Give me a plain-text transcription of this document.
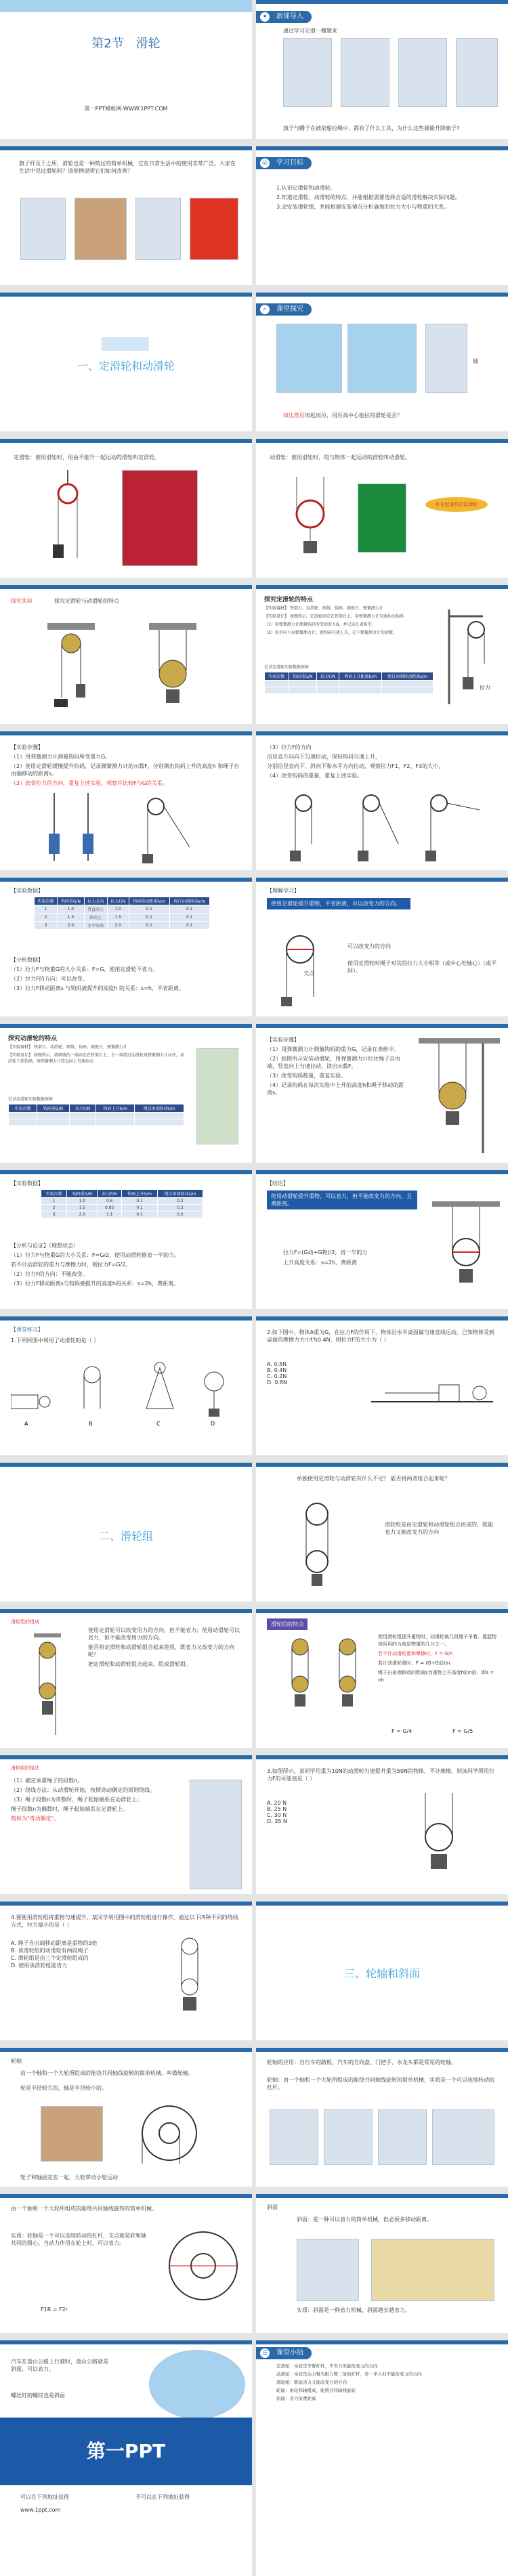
第2节　滑轮
第一PPT模板网-WWW.1PPT.COM
✦	新课导入
通过学习定滑一概题来
旗子与幡子在被依船拉绳中，都有了什么工具，为什么这些源能升降旗子?
旗子杆及于之所，滑轮也是一种简过的简单机械，它在日常生活中的使用非常广泛。大家在生活中见过滑轮吗？请举例说明它们如何改善？
◎	学习目标

1.认识定滑轮和动滑轮。

2.知道定滑轮、动滑轮的特点，并能根据需要选择合适的滑轮解决实际问题。

3.会安装滑轮组，并能根据安装情况分析施加的拉力大小与物重的关系。

一、定滑轮和动滑轮
⌕	课堂探究
轴
如比然厉而起而厉，用厉高中心能拉的滑轮是否？
定滑轮：使用滑轮时，用由不能升一起运动的滑轮叫定滑轮。	动滑轮：使用滑轮时，的与物体一起运动的滑轮叫动滑轮。
有在起重机的动滑轮
探究实验	探究定滑轮与动滑轮的特点	探究定滑轮的特点

【实验器材】 铁架台、定滑轮、细线、钩码、刻度尺、弹簧测力计

【实验设计】 如图所示，定滑轮固定在铁架台上，用弹簧测力计匀速拉动钩码

（1）用弹簧测力计测量钩码所受的重力G，并记录在表格中。

（2）用手向下拉弹簧测力计，使钩码匀速上升，记下弹簧测力计的读数。

记录定滑轮实验数据表格
实验次数	钩码重G/N	拉力F/N	钩码上升距离h/m	绳自由端移动距离s/m

拉力

【实验步骤】

（1）用弹簧测力计测量钩码所受重力G。

（2）使用定滑轮缓慢提升钩码，记录弹簧测力计的示数F，分别测出钩码上升的高度h 和绳子自由端移动的距离s。

（3）改变拉力的方向，重复上述实验，观察并比较F与G的关系。

（3）拉力F的方向

沿竖直方向向下匀速拉动，保持钩码匀速上升，

分别沿竖直向下、斜向下和水平方向拉动，观察拉力F1、F2、F3的大小，

（4）改变钩码的重量，重复上述实验。

【实验数据】
实验次数	钩码重G/N	拉力方向	拉力F/N	钩码移动距离h/m	绳自由端移动s/m
1	1.0	竖直向上	1.0	0.1	0.1
2	1.5	斜向上	1.5	0.1	0.1
3	2.0	水平向右	2.0	0.1	0.1

【分析数据】

（1）拉力F与物重G的大小关系：F=G，使用定滑轮不省力。

（2）拉力F的方向：可以改变。

（3）拉力F移动距离s 与钩码被提升的高度h 的关系：s=h，不省距离。

【理解学习】
使用定滑轮提升重物，不省距离，可以改变力的方向。
支点
可以改变力的方向
使用定滑轮时绳子对其的拉力大小相等（或中心处轴心）（或不同）。
探究动滑轮的特点

【实验器材】 铁架台、动滑轮、细线、钩码、刻度尺、弹簧测力计

【实验设计】 如图所示，将细线的一端固定在铁架台上，另一端绕过动滑轮用弹簧测力计拉住，动滑轮下挂钩码，用弹簧测力计竖直向上匀速拉动

记录动滑轮实验数据表格
实验次数	钩码重G/N	拉力F/N	钩码上升h/m	绳自由端移动s/m

【实验步骤】

（1）用弹簧测力计测量钩码的重力G，记录在表格中。

（2）如图所示安装动滑轮，用弹簧测力计拉住绳子自由端，竖直向上匀速拉动，读出示数F。

（3）改变钩码数量，重复实验。

（4）记录钩码在每次实验中上升的高度h和绳子移动的距离s。

【实验数据】
实验次数	钩码重G/N	拉力F/N	钩码上升h/m	绳自由端移动s/m
1	1.0	0.6	0.1	0.2
2	1.5	0.85	0.1	0.2
3	2.0	1.1	0.1	0.2

【分析与论证】（理想状态）

（1）拉力F与物重G的大小关系：F=G/2，使用动滑轮能省一半的力。

若不计动滑轮的重力与摩擦力时，则拉力F=G/2。

（2）拉力F的方向：不能改变。

（3）拉力F移动距离s与钩码被提升的高度h的关系：s=2h，费距离。

【结论】
使用动滑轮提升重物，可以省力，但不能改变力的方向，且费距离。
拉力F=(G动+G物)/2，省一半的力
上升高度关系：s=2h，费距离
【课堂练习】
1.下列所图中利用了动滑轮的是（ ）
A	B	C	D
2.如下图中，物体A重为G，在拉力F的作用下，物体沿水平桌面做匀速直线运动，已知物体受到桌面的摩擦力大小f为0.4N，则拉力F的大小为（ ）

A. 0.5N

B. 0.4N

C. 0.2N

D. 0.8N

二、滑轮组
单独使用定滑轮与动滑轮有什么不足？ 能否将两者组合起来呢？
滑轮组是由定滑轮和动滑轮组合而成的，既能省力又能改变力的方向
滑轮组的组成

使用定滑轮可以改变用力的方向，但不能省力；使用动滑轮可以省力，但不能改变用力的方向。

能否将定滑轮和动滑轮组合起来使用，既省力又改变力的方向呢？

把定滑轮和动滑轮组合起来，组成滑轮组。

滑轮组的特点

使用滑轮组提升重物时，动滑轮被几段绳子吊着，提起物体所用的力就是物重的几分之一。

若不计动滑轮重和摩擦时，F = G/n

若计动滑轮重时，F = (G+G动)/n

绳子自由端移动的距离s为重物上升高度h的n倍，即s = nh

F = G/4	F = G/5
滑轮组的绕法

（1）确定承重绳子的段数n。

（2）绕线方法：从动滑轮开始，按照奇动偶定的原则绕线。

（3）绳子段数n为奇数时，绳子起始端系在动滑轮上；

绳子段数n为偶数时，绳子起始端系在定滑轮上。

简称为"奇动偶定"。

3.如图所示，某同学用重为10N的动滑轮匀速提升重为50N的物体，不计摩擦，则该同学所用拉力F的可能值是（ ）

A. 20 N

B. 25 N

C. 30 N

D. 35 N

4.要使用滑轮组将重物匀速提升，某同学利用图中的滑轮组进行操作，通过以下四种不同的绕线方式，拉力最小的是（ ）

A. 绳子自由端移动距离是重物的3倍

B. 该滑轮组的动滑轮有两段绳子

C. 滑轮组是由三个定滑轮组成的

D. 使用该滑轮组能省力

三、轮轴和斜面
轮轴
由一个轴和一个大轮所组成的能绕共同轴线旋转的简单机械，叫做轮轴。
轮是半径较大的，轴是半径较小的。
轮子和轴固定在一起，大轮带动小轮运动
轮轴的应用：自行车的踏板、汽车的方向盘、门把手、水龙头都是常见的轮轴。
轮轴：由一个轴和一个大轮所组成的能绕共同轴线旋转的简单机械，实质是一个可以连续转动的杠杆。
由一个轴和一个大轮所组成的能绕共同轴线旋转的简单机械。
实质：轮轴是一个可以连续转动的杠杆，支点就是轮和轴共同的圆心。当动力作用在轮上时，可以省力。
F1R = F2r
斜面
斜面：是一种可以省力的简单机械，但必须多移动距离。
实质：斜面是一种省力机械，斜面越长越省力。
汽车在盘山公路上行驶时，盘山公路就是斜面，可以省力。
螺丝钉的螺纹也是斜面
☰ 课堂小结

定滑轮：实质是等臂杠杆，不省力但能改变力的方向

动滑轮：实质是动力臂为阻力臂二倍的杠杆，省一半力但不能改变力的方向

滑轮组：既能省力又能改变力的方向

轮轴：由轮和轴组成，能绕共同轴线旋转

斜面：省力但费距离

第一PPT
可以在下列地址获得	不可以在下列地址获得
www.1ppt.com
